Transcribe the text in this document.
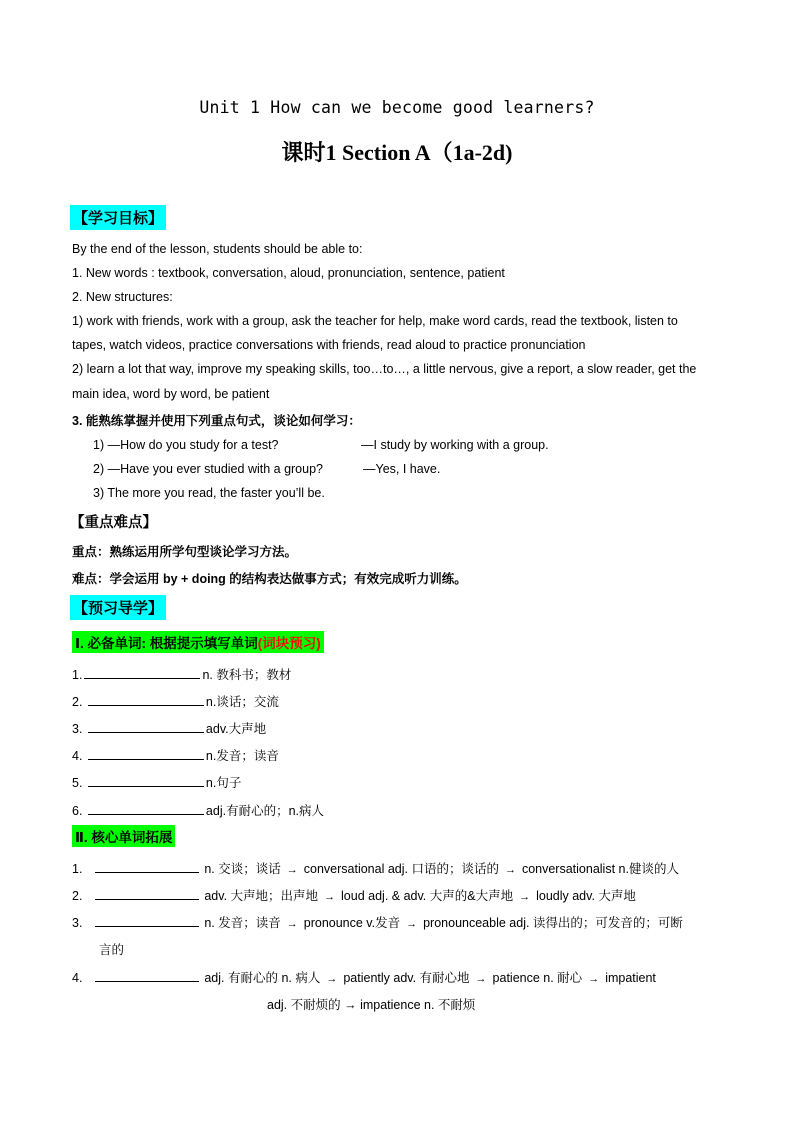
Unit 1 How can we become good learners?
课时1 Section A（1a-2d)
【学习目标】
By the end of the lesson, students should be able to:
1. New words : textbook, conversation, aloud, pronunciation, sentence, patient
2. New structures:
1) work with friends, work with a group, ask the teacher for help, make word cards, read the textbook, listen to
tapes, watch videos, practice conversations with friends, read aloud to practice pronunciation
2) learn a lot that way, improve my speaking skills, too…to…, a little nervous, give a report, a slow reader, get the
main idea, word by word, be patient
3. 能熟练掌握并使用下列重点句式，谈论如何学习：
1) —How do you study for a test?	—I study by working with a group.
2) —Have you ever studied with a group?	—Yes, I have.
3) The more you read, the faster you’ll be.
【重点难点】
重点：熟练运用所学句型谈论学习方法。
难点：学会运用 by + doing 的结构表达做事方式；有效完成听力训练。
【预习导学】
Ⅰ. 必备单词: 根据提示填写单词(词块预习)
1.	n. 教科书；教材
2.	n.谈话；交流
3.	adv.大声地
4.	n.发音；读音
5.	n.句子
6.	adj.有耐心的；n.病人
Ⅱ. 核心单词拓展
1.	n. 交谈；谈话 → conversational adj. 口语的；谈话的 → conversationalist n.健谈的人
2.	adv. 大声地；出声地 → loud adj. & adv. 大声的&大声地 → loudly adv. 大声地
3.	n. 发音；读音 → pronounce v.发音 → pronounceable adj. 读得出的；可发音的；可断
言的
4.	adj. 有耐心的 n. 病人 → patiently adv. 有耐心地 → patience n. 耐心 → impatient
adj. 不耐烦的 → impatience n. 不耐烦
